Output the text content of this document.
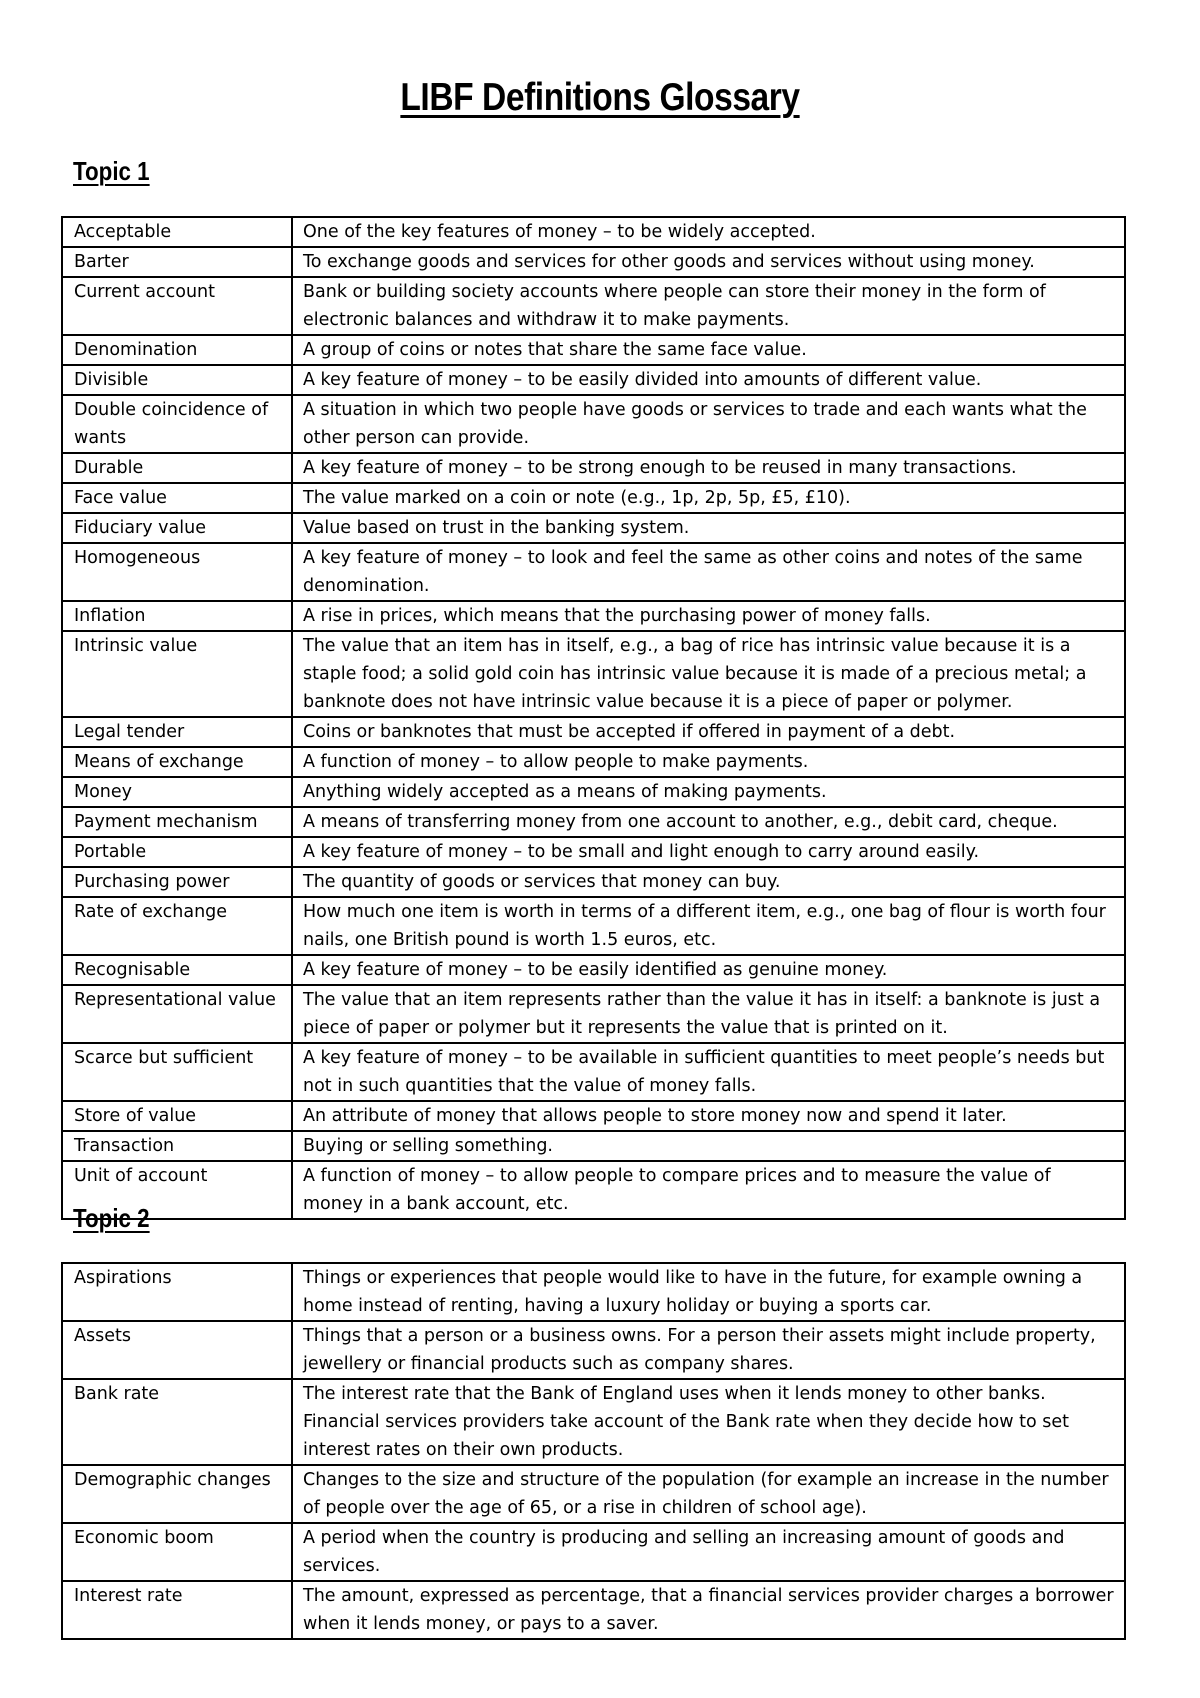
LIBF Definitions Glossary
Topic 1
Acceptable	One of the key features of money – to be widely accepted.
Barter	To exchange goods and services for other goods and services without using money.
Current account	Bank or building society accounts where people can store their money in the form of electronic balances and withdraw it to make payments.
Denomination	A group of coins or notes that share the same face value.
Divisible	A key feature of money – to be easily divided into amounts of different value.
Double coincidence of wants	A situation in which two people have goods or services to trade and each wants what the other person can provide.
Durable	A key feature of money – to be strong enough to be reused in many transactions.
Face value	The value marked on a coin or note (e.g., 1p, 2p, 5p, £5, £10).
Fiduciary value	Value based on trust in the banking system.
Homogeneous	A key feature of money – to look and feel the same as other coins and notes of the same denomination.
Inflation	A rise in prices, which means that the purchasing power of money falls.
Intrinsic value	The value that an item has in itself, e.g., a bag of rice has intrinsic value because it is a staple food; a solid gold coin has intrinsic value because it is made of a precious metal; a banknote does not have intrinsic value because it is a piece of paper or polymer.
Legal tender	Coins or banknotes that must be accepted if offered in payment of a debt.
Means of exchange	A function of money – to allow people to make payments.
Money	Anything widely accepted as a means of making payments.
Payment mechanism	A means of transferring money from one account to another, e.g., debit card, cheque.
Portable	A key feature of money – to be small and light enough to carry around easily.
Purchasing power	The quantity of goods or services that money can buy.
Rate of exchange	How much one item is worth in terms of a different item, e.g., one bag of flour is worth four nails, one British pound is worth 1.5 euros, etc.
Recognisable	A key feature of money – to be easily identified as genuine money.
Representational value	The value that an item represents rather than the value it has in itself: a banknote is just a piece of paper or polymer but it represents the value that is printed on it.
Scarce but sufficient	A key feature of money – to be available in sufficient quantities to meet people’s needs but not in such quantities that the value of money falls.
Store of value	An attribute of money that allows people to store money now and spend it later.
Transaction	Buying or selling something.
Unit of account	A function of money – to allow people to compare prices and to measure the value of money in a bank account, etc.
Topic 2
Aspirations	Things or experiences that people would like to have in the future, for example owning a home instead of renting, having a luxury holiday or buying a sports car.
Assets	Things that a person or a business owns. For a person their assets might include property, jewellery or financial products such as company shares.
Bank rate	The interest rate that the Bank of England uses when it lends money to other banks. Financial services providers take account of the Bank rate when they decide how to set interest rates on their own products.
Demographic changes	Changes to the size and structure of the population (for example an increase in the number of people over the age of 65, or a rise in children of school age).
Economic boom	A period when the country is producing and selling an increasing amount of goods and services.
Interest rate	The amount, expressed as percentage, that a financial services provider charges a borrower when it lends money, or pays to a saver.
